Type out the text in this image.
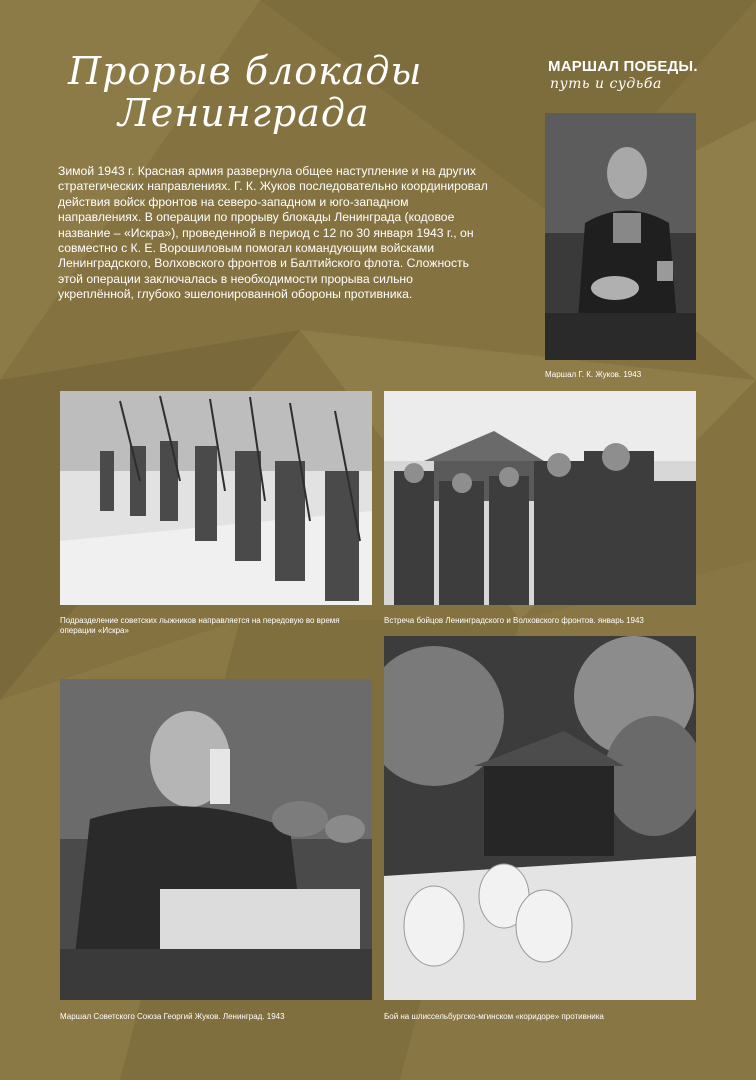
Прорыв блокады
Ленинграда
МАРШАЛ ПОБЕДЫ.
путь и судьба

Зимой 1943 г. Красная армия развернула общее наступление и на других стратегических направлениях. Г. К. Жуков последовательно координировал действия войск фронтов на северо-западном и юго-западном направлениях. В операции по прорыву блокады Ленинграда (кодовое название – «Искра»), проведенной в период с 12 по 30 января 1943 г., он совместно с К. Е. Ворошиловым помогал командующим войсками Ленинградского, Волховского фронтов и Балтийского флота. Сложность этой операции заключалась в необходимости прорыва сильно укреплённой, глубоко эшелонированной обороны противника.

Маршал Г. К. Жуков. 1943

Подразделение советских лыжников направляется на передовую во время операции «Искра»

Встреча бойцов Ленинградского и Волховского фронтов. январь 1943

Маршал Советского Союза Георгий Жуков. Ленинград. 1943	Бой на шлиссельбургско-мгинском «коридоре» противника
